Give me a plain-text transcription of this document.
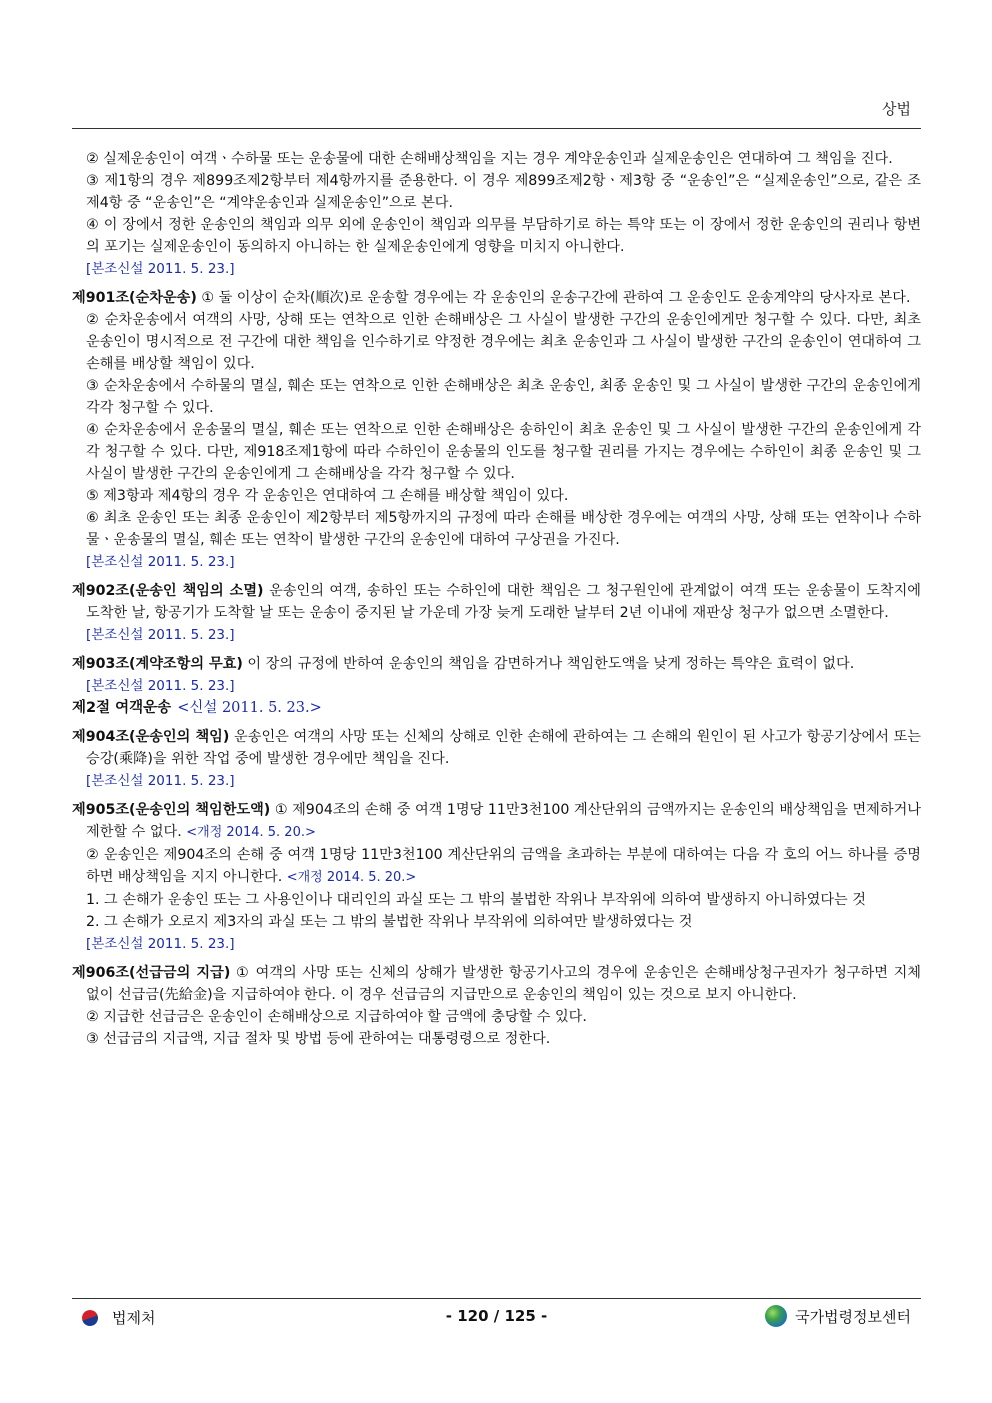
상법

② 실제운송인이 여객ㆍ수하물 또는 운송물에 대한 손해배상책임을 지는 경우 계약운송인과 실제운송인은 연대하여 그 책임을 진다.

③ 제1항의 경우 제899조제2항부터 제4항까지를 준용한다. 이 경우 제899조제2항ㆍ제3항 중 “운송인”은 “실제운송인”으로, 같은 조 제4항 중 “운송인”은 “계약운송인과 실제운송인”으로 본다.

④ 이 장에서 정한 운송인의 책임과 의무 외에 운송인이 책임과 의무를 부담하기로 하는 특약 또는 이 장에서 정한 운송인의 권리나 항변의 포기는 실제운송인이 동의하지 아니하는 한 실제운송인에게 영향을 미치지 아니한다.

[본조신설 2011. 5. 23.]

제901조(순차운송) ① 둘 이상이 순차(順次)로 운송할 경우에는 각 운송인의 운송구간에 관하여 그 운송인도 운송계약의 당사자로 본다.

② 순차운송에서 여객의 사망, 상해 또는 연착으로 인한 손해배상은 그 사실이 발생한 구간의 운송인에게만 청구할 수 있다. 다만, 최초 운송인이 명시적으로 전 구간에 대한 책임을 인수하기로 약정한 경우에는 최초 운송인과 그 사실이 발생한 구간의 운송인이 연대하여 그 손해를 배상할 책임이 있다.

③ 순차운송에서 수하물의 멸실, 훼손 또는 연착으로 인한 손해배상은 최초 운송인, 최종 운송인 및 그 사실이 발생한 구간의 운송인에게 각각 청구할 수 있다.

④ 순차운송에서 운송물의 멸실, 훼손 또는 연착으로 인한 손해배상은 송하인이 최초 운송인 및 그 사실이 발생한 구간의 운송인에게 각각 청구할 수 있다. 다만, 제918조제1항에 따라 수하인이 운송물의 인도를 청구할 권리를 가지는 경우에는 수하인이 최종 운송인 및 그 사실이 발생한 구간의 운송인에게 그 손해배상을 각각 청구할 수 있다.

⑤ 제3항과 제4항의 경우 각 운송인은 연대하여 그 손해를 배상할 책임이 있다.

⑥ 최초 운송인 또는 최종 운송인이 제2항부터 제5항까지의 규정에 따라 손해를 배상한 경우에는 여객의 사망, 상해 또는 연착이나 수하물ㆍ운송물의 멸실, 훼손 또는 연착이 발생한 구간의 운송인에 대하여 구상권을 가진다.

[본조신설 2011. 5. 23.]

제902조(운송인 책임의 소멸) 운송인의 여객, 송하인 또는 수하인에 대한 책임은 그 청구원인에 관계없이 여객 또는 운송물이 도착지에 도착한 날, 항공기가 도착할 날 또는 운송이 중지된 날 가운데 가장 늦게 도래한 날부터 2년 이내에 재판상 청구가 없으면 소멸한다.

[본조신설 2011. 5. 23.]

제903조(계약조항의 무효) 이 장의 규정에 반하여 운송인의 책임을 감면하거나 책임한도액을 낮게 정하는 특약은 효력이 없다.

[본조신설 2011. 5. 23.]

제2절 여객운송 <신설 2011. 5. 23.>

제904조(운송인의 책임) 운송인은 여객의 사망 또는 신체의 상해로 인한 손해에 관하여는 그 손해의 원인이 된 사고가 항공기상에서 또는 승강(乘降)을 위한 작업 중에 발생한 경우에만 책임을 진다.

[본조신설 2011. 5. 23.]

제905조(운송인의 책임한도액) ① 제904조의 손해 중 여객 1명당 11만3천100 계산단위의 금액까지는 운송인의 배상책임을 면제하거나 제한할 수 없다. <개정 2014. 5. 20.>

② 운송인은 제904조의 손해 중 여객 1명당 11만3천100 계산단위의 금액을 초과하는 부분에 대하여는 다음 각 호의 어느 하나를 증명하면 배상책임을 지지 아니한다. <개정 2014. 5. 20.>

1. 그 손해가 운송인 또는 그 사용인이나 대리인의 과실 또는 그 밖의 불법한 작위나 부작위에 의하여 발생하지 아니하였다는 것

2. 그 손해가 오로지 제3자의 과실 또는 그 밖의 불법한 작위나 부작위에 의하여만 발생하였다는 것

[본조신설 2011. 5. 23.]

제906조(선급금의 지급) ① 여객의 사망 또는 신체의 상해가 발생한 항공기사고의 경우에 운송인은 손해배상청구권자가 청구하면 지체 없이 선급금(先給金)을 지급하여야 한다. 이 경우 선급금의 지급만으로 운송인의 책임이 있는 것으로 보지 아니한다.

② 지급한 선급금은 운송인이 손해배상으로 지급하여야 할 금액에 충당할 수 있다.

③ 선급금의 지급액, 지급 절차 및 방법 등에 관하여는 대통령령으로 정한다.

법제처	- 120 / 125 -	국가법령정보센터
